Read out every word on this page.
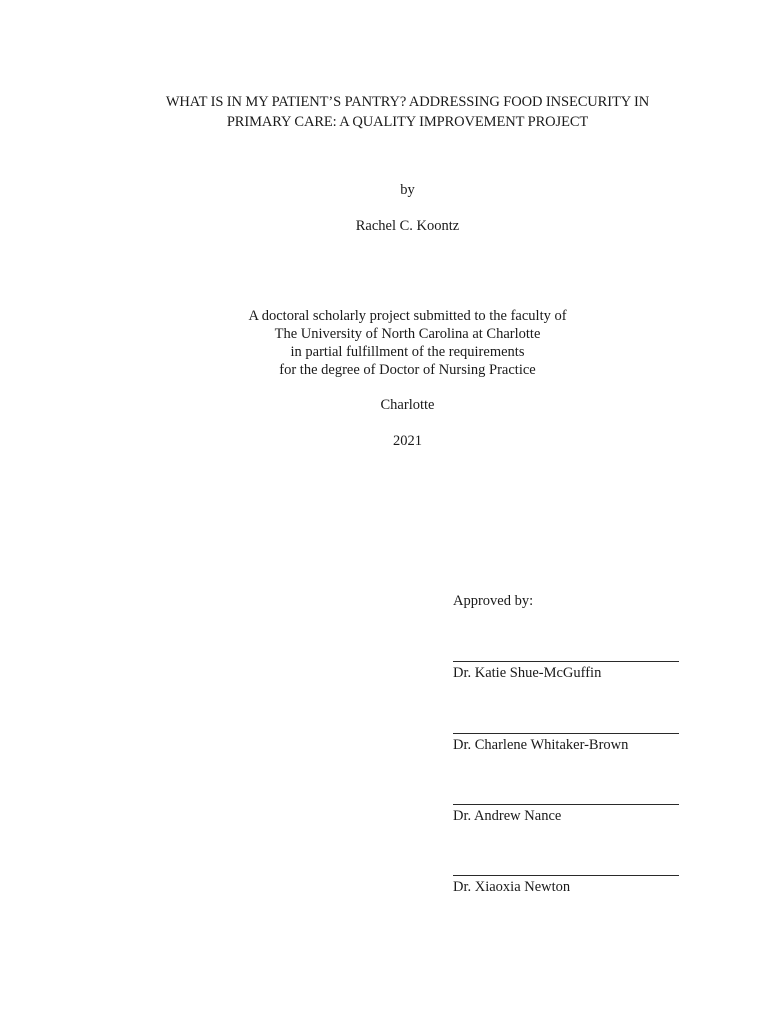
WHAT IS IN MY PATIENT’S PANTRY? ADDRESSING FOOD INSECURITY IN
PRIMARY CARE: A QUALITY IMPROVEMENT PROJECT
by
Rachel C. Koontz
A doctoral scholarly project submitted to the faculty of
The University of North Carolina at Charlotte
in partial fulfillment of the requirements
for the degree of Doctor of Nursing Practice
Charlotte
2021
Approved by:
Dr. Katie Shue-McGuffin
Dr. Charlene Whitaker-Brown
Dr. Andrew Nance
Dr. Xiaoxia Newton
